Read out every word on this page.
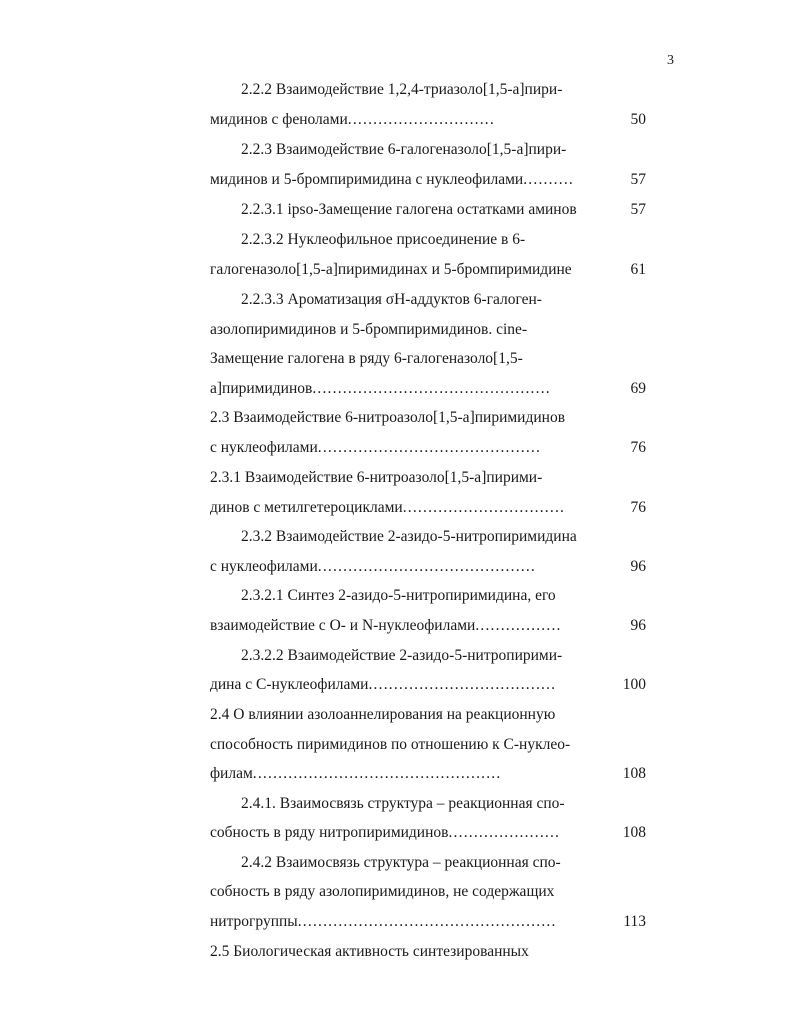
3
2.2.2 Взаимодействие 1,2,4-триазоло[1,5-a]пири-
мидинов с фенолами.............................	50
2.2.3 Взаимодействие 6-галогеназоло[1,5-a]пири-
мидинов и 5-бромпиримидина с нуклеофилами..........	57
2.2.3.1 ipso-Замещение галогена остатками аминов	57
2.2.3.2 Нуклеофильное присоединение в 6-
галогеназоло[1,5-a]пиримидинах и 5-бромпиримидине	61
2.2.3.3 Ароматизация σH-аддуктов 6-галоген-
азолопиримидинов и 5-бромпиримидинов. cine-
Замещение галогена в ряду 6-галогеназоло[1,5-
a]пиримидинов...............................................	69
2.3 Взаимодействие 6-нитроазоло[1,5-a]пиримидинов
с нуклеофилами............................................	76
2.3.1 Взаимодействие 6-нитроазоло[1,5-a]пирими-
динов с метилгетероциклами................................	76
2.3.2 Взаимодействие 2-азидо-5-нитропиримидина
с нуклеофилами...........................................	96
2.3.2.1 Синтез 2-азидо-5-нитропиримидина, его
взаимодействие с O- и N-нуклеофилами.................	96
2.3.2.2 Взаимодействие 2-азидо-5-нитропирими-
дина с C-нуклеофилами.....................................	100
2.4 О влиянии азолоаннелирования на реакционную
способность пиримидинов по отношению к C-нуклео-
филам.................................................	108
2.4.1. Взаимосвязь структура – реакционная спо-
собность в ряду нитропиримидинов......................	108
2.4.2 Взаимосвязь структура – реакционная спо-
собность в ряду азолопиримидинов, не содержащих
нитрогруппы...................................................	113
2.5 Биологическая активность синтезированных
